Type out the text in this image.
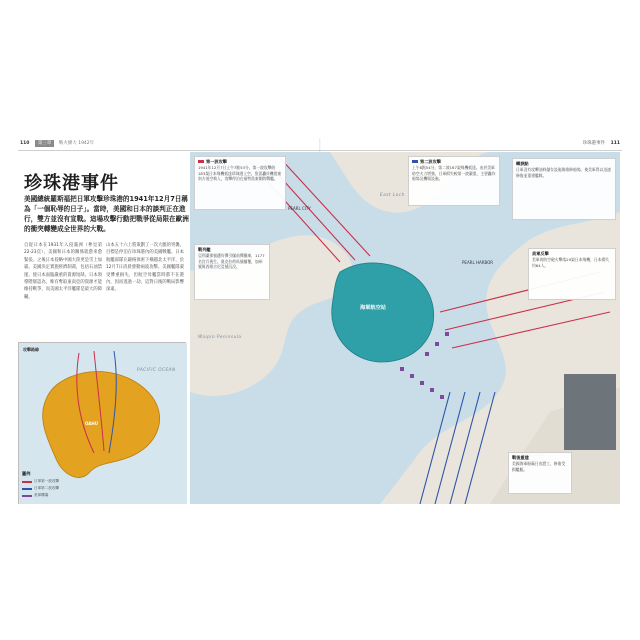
110 第三章 戰火擴大 1942年	珍珠港事件 111
珍珠港事件
美國總統羅斯福把日軍攻擊珍珠港的1941年12月7日稱為「一個恥辱的日子」。當時，美國和日本的談判正在進行，雙方並沒有宣戰。這場攻擊行動把戰爭從局限在歐洲的衝突轉變成全世界的大戰。
自從日本在1931年入侵滿洲（參見第22-23頁），美國和日本的關係就愈來愈緊張，之後日本侵略中國大陸更是雪上加霜。美國決定實施經濟制裁，包括石油禁運，使日本面臨嚴重的資源短缺。日本領導階層認為，唯有奪取東南亞的資源才能維持戰爭，而美國太平洋艦隊是最大的障礙。
山本五十六上將策劃了一次大膽的突襲，目標是停泊在珍珠港內的美國戰艦。日本航艦部隊在嚴格保密下橫越北太平洋，於12月7日清晨發動兩波攻擊。美國艦隊蒙受慘重損失，但航空母艦當時都不在港內，因而逃過一劫，這對日後的戰局影響深遠。
PEARL CITY
PEARL HARBOR
海軍航空站
Waipio Peninsula
East Loch
第一波攻擊
1941年12月7日上午7點53分，第一波攻擊的183架日本飛機抵達珍珠港上空。魚雷轟炸機從東南方低空飛入，攻擊停泊在福特島東側的戰艦。
第二波攻擊
上午8點54分，第二波167架飛機抵達。由於美軍防空火力增強，日軍損失較第一波嚴重，主要轟炸船塢及機場設施。
戰列艦
亞利桑那號遭炸彈引爆前彈藥庫，1177名官兵喪生。奧克拉荷馬號翻覆，加州號與西維吉尼亞號沉沒。
轉捩點
日軍沒有攻擊油料儲存設施與維修船塢，使美軍得以迅速修復並重建艦隊。
美軍反擊
美軍的防空砲火擊落29架日本飛機，日本損失約64人。
戰後重建
美國海軍船廠日夜趕工，修復受損艦艇。
攻擊路線
OAHU
PACIFIC OCEAN
圖例
日軍第一波攻擊
日軍第二波攻擊
美軍機場
